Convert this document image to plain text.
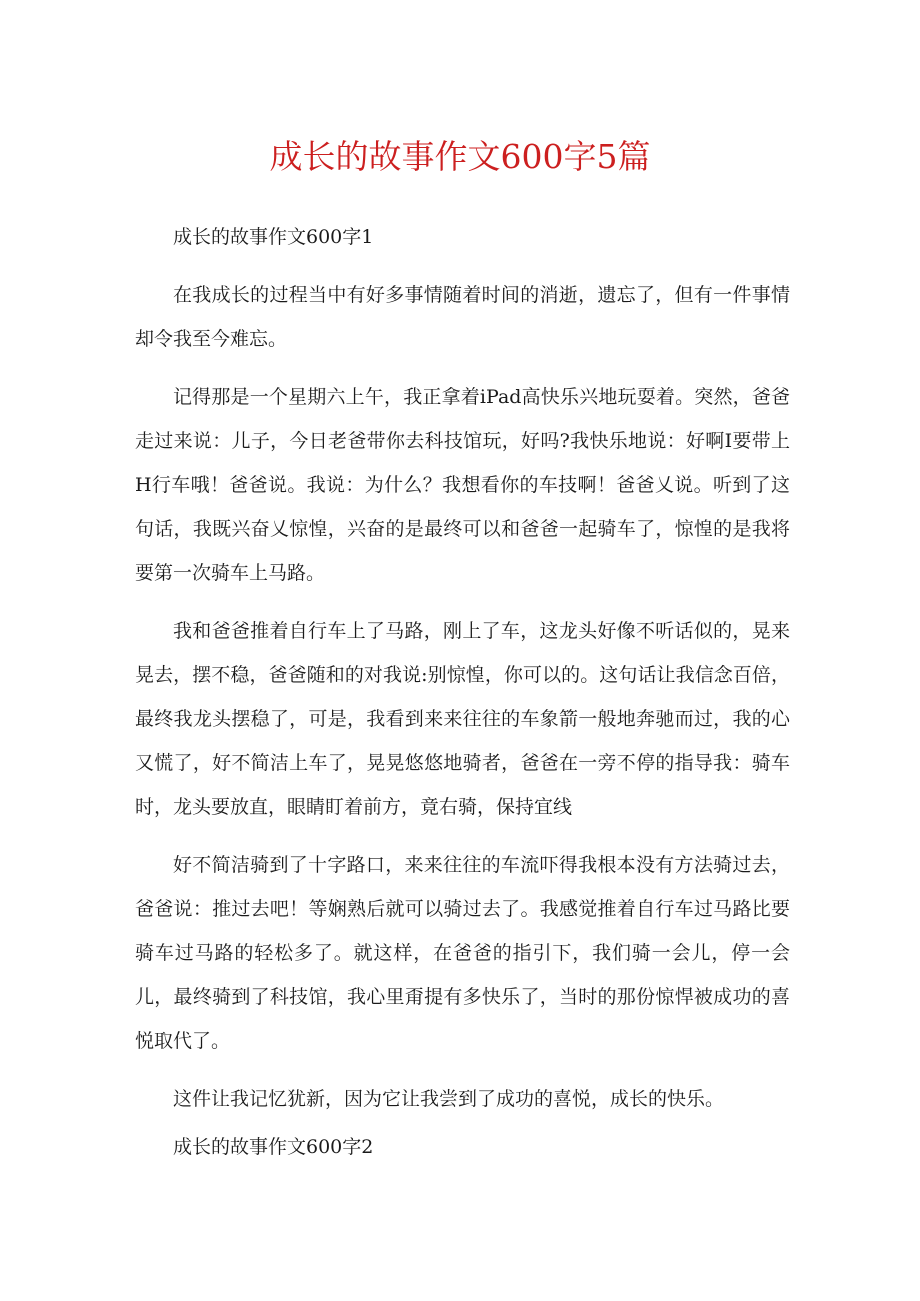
成长的故事作文600字5篇

成长的故事作文600字1

在我成长的过程当中有好多事情随着时间的消逝，遗忘了，但有一件事情却令我至今难忘。

记得那是一个星期六上午，我正拿着iPad高快乐兴地玩耍着。突然，爸爸走过来说：儿子，今日老爸带你去科技馆玩，好吗?我快乐地说：好啊I要带上H行车哦！爸爸说。我说：为什么？我想看你的车技啊！爸爸乂说。听到了这句话，我既兴奋乂惊惶，兴奋的是最终可以和爸爸一起骑车了，惊惶的是我将要第一次骑车上马路。

我和爸爸推着自行车上了马路，刚上了车，这龙头好像不听话似的，晃来晃去，摆不稳，爸爸随和的对我说:别惊惶，你可以的。这句话让我信念百倍，最终我龙头摆稳了，可是，我看到来来往往的车象箭一般地奔驰而过，我的心又慌了，好不简洁上车了，晃晃悠悠地骑者，爸爸在一旁不停的指导我：骑车时，龙头要放直，眼睛盯着前方，竟右骑，保持宜线

好不简洁骑到了十字路口，来来往往的车流吓得我根本没有方法骑过去，爸爸说：推过去吧！等娴熟后就可以骑过去了。我感觉推着自行车过马路比要骑车过马路的轻松多了。就这样，在爸爸的指引下，我们骑一会儿，停一会儿，最终骑到了科技馆，我心里甭提有多快乐了，当时的那份惊悍被成功的喜悦取代了。

这件让我记忆犹新，因为它让我尝到了成功的喜悦，成长的快乐。

成长的故事作文600字2
